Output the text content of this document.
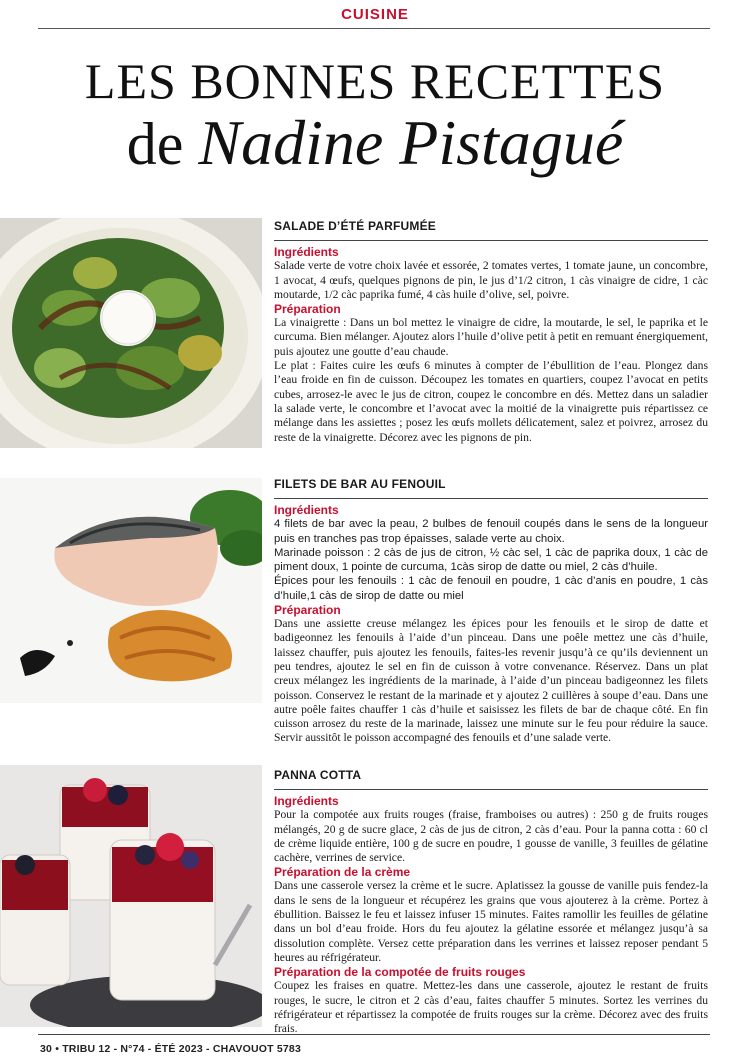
CUISINE
LES BONNES RECETTES
de Nadine Pistagué
SALADE D’ÉTÉ PARFUMÉE
Ingrédients

Salade verte de votre choix lavée et essorée, 2 tomates vertes, 1 tomate jaune, un concombre, 1 avocat, 4 œufs, quelques pignons de pin, le jus d’1/2 citron, 1 càs vinaigre de cidre, 1 càc moutarde, 1/2 càc paprika fumé, 4 càs huile d’olive, sel, poivre.

Préparation

La vinaigrette : Dans un bol mettez le vinaigre de cidre, la moutarde, le sel, le paprika et le curcuma. Bien mélanger. Ajoutez alors l’huile d’olive petit à petit en remuant énergiquement, puis ajoutez une goutte d’eau chaude.

Le plat : Faites cuire les œufs 6 minutes à compter de l’ébullition de l’eau. Plongez dans l’eau froide en fin de cuisson. Découpez les tomates en quartiers, coupez l’avocat en petits cubes, arrosez-le avec le jus de citron, coupez le concombre en dés. Mettez dans un saladier la salade verte, le concombre et l’avocat avec la moitié de la vinaigrette puis répartissez ce mélange dans les assiettes ; posez les œufs mollets délicatement, salez et poivrez, arrosez du reste de la vinaigrette. Décorez avec les pignons de pin.

FILETS DE BAR AU FENOUIL
Ingrédients

4 filets de bar avec la peau, 2 bulbes de fenouil coupés dans le sens de la longueur puis en tranches pas trop épaisses, salade verte au choix.

Marinade poisson : 2 càs de jus de citron, ½ càc sel, 1 càc de paprika doux, 1 càc de piment doux, 1 pointe de curcuma, 1càs sirop de datte ou miel, 2 càs d’huile.

Épices pour les fenouils : 1 càc de fenouil en poudre, 1 càc d’anis en poudre, 1 càs d’huile,1 càs de sirop de datte ou miel

Préparation

Dans une assiette creuse mélangez les épices pour les fenouils et le sirop de datte et badigeonnez les fenouils à l’aide d’un pinceau. Dans une poêle mettez une càs d’huile, laissez chauffer, puis ajoutez les fenouils, faites-les revenir jusqu’à ce qu’ils deviennent un peu tendres, ajoutez le sel en fin de cuisson à votre convenance. Réservez. Dans un plat creux mélangez les ingrédients de la marinade, à l’aide d’un pinceau badigeonnez les filets poisson. Conservez le restant de la marinade et y ajoutez 2 cuillères à soupe d’eau. Dans une autre poêle faites chauffer 1 càs d’huile et saisissez les filets de bar de chaque côté. En fin cuisson arrosez du reste de la marinade, laissez une minute sur le feu pour réduire la sauce. Servir aussitôt le poisson accompagné des fenouils et d’une salade verte.

PANNA COTTA
Ingrédients

Pour la compotée aux fruits rouges (fraise, framboises ou autres) : 250 g de fruits rouges mélangés, 20 g de sucre glace, 2 càs de jus de citron, 2 càs d’eau. Pour la panna cotta : 60 cl de crème liquide entière, 100 g de sucre en poudre, 1 gousse de vanille, 3 feuilles de gélatine cachère, verrines de service.

Préparation de la crème

Dans une casserole versez la crème et le sucre. Aplatissez la gousse de vanille puis fendez-la dans le sens de la longueur et récupérez les grains que vous ajouterez à la crème. Portez à ébullition. Baissez le feu et laissez infuser 15 minutes. Faites ramollir les feuilles de gélatine dans un bol d’eau froide. Hors du feu ajoutez la gélatine essorée et mélangez jusqu’à sa dissolution complète. Versez cette préparation dans les verrines et laissez reposer pendant 5 heures au réfrigérateur.

Préparation de la compotée de fruits rouges

Coupez les fraises en quatre. Mettez-les dans une casserole, ajoutez le restant de fruits rouges, le sucre, le citron et 2 càs d’eau, faites chauffer 5 minutes. Sortez les verrines du réfrigérateur et répartissez la compotée de fruits rouges sur la crème. Décorez avec des fruits frais.

30 • TRIBU 12 - N°74 - ÉTÉ 2023 - CHAVOUOT 5783
